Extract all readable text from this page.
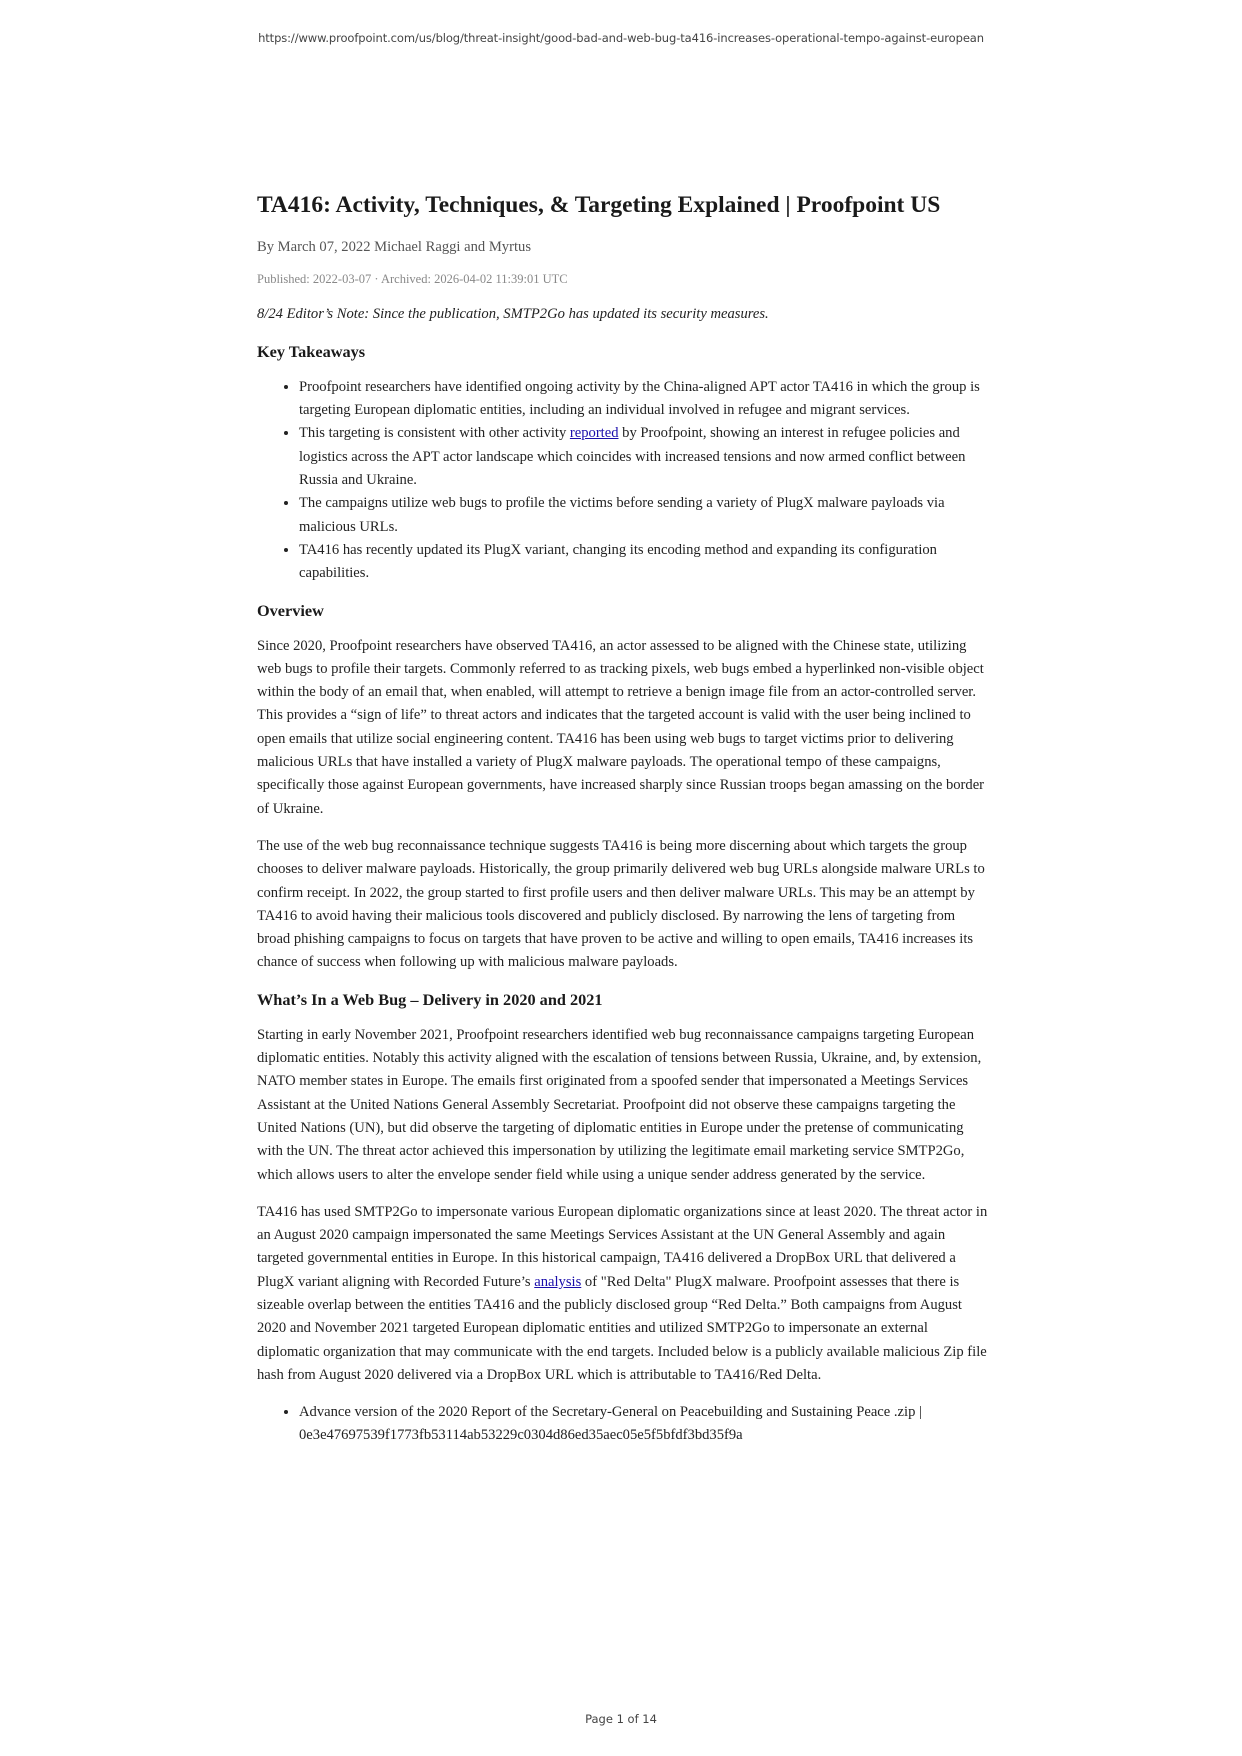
https://www.proofpoint.com/us/blog/threat-insight/good-bad-and-web-bug-ta416-increases-operational-tempo-against-european
TA416: Activity, Techniques, & Targeting Explained | Proofpoint US
By March 07, 2022 Michael Raggi and Myrtus
Published: 2022-03-07 · Archived: 2026-04-02 11:39:01 UTC

8/24 Editor’s Note: Since the publication, SMTP2Go has updated its security measures.

Key Takeaways
• Proofpoint researchers have identified ongoing activity by the China-aligned APT actor TA416 in which the group is targeting European diplomatic entities, including an individual involved in refugee and migrant services.
• This targeting is consistent with other activity reported by Proofpoint, showing an interest in refugee policies and logistics across the APT actor landscape which coincides with increased tensions and now armed conflict between Russia and Ukraine.
• The campaigns utilize web bugs to profile the victims before sending a variety of PlugX malware payloads via malicious URLs.
• TA416 has recently updated its PlugX variant, changing its encoding method and expanding its configuration capabilities.
Overview

Since 2020, Proofpoint researchers have observed TA416, an actor assessed to be aligned with the Chinese state, utilizing web bugs to profile their targets. Commonly referred to as tracking pixels, web bugs embed a hyperlinked non-visible object within the body of an email that, when enabled, will attempt to retrieve a benign image file from an actor-controlled server. This provides a “sign of life” to threat actors and indicates that the targeted account is valid with the user being inclined to open emails that utilize social engineering content. TA416 has been using web bugs to target victims prior to delivering malicious URLs that have installed a variety of PlugX malware payloads. The operational tempo of these campaigns, specifically those against European governments, have increased sharply since Russian troops began amassing on the border of Ukraine.

The use of the web bug reconnaissance technique suggests TA416 is being more discerning about which targets the group chooses to deliver malware payloads. Historically, the group primarily delivered web bug URLs alongside malware URLs to confirm receipt. In 2022, the group started to first profile users and then deliver malware URLs. This may be an attempt by TA416 to avoid having their malicious tools discovered and publicly disclosed. By narrowing the lens of targeting from broad phishing campaigns to focus on targets that have proven to be active and willing to open emails, TA416 increases its chance of success when following up with malicious malware payloads.

What’s In a Web Bug – Delivery in 2020 and 2021

Starting in early November 2021, Proofpoint researchers identified web bug reconnaissance campaigns targeting European diplomatic entities. Notably this activity aligned with the escalation of tensions between Russia, Ukraine, and, by extension, NATO member states in Europe. The emails first originated from a spoofed sender that impersonated a Meetings Services Assistant at the United Nations General Assembly Secretariat. Proofpoint did not observe these campaigns targeting the United Nations (UN), but did observe the targeting of diplomatic entities in Europe under the pretense of communicating with the UN. The threat actor achieved this impersonation by utilizing the legitimate email marketing service SMTP2Go, which allows users to alter the envelope sender field while using a unique sender address generated by the service.

TA416 has used SMTP2Go to impersonate various European diplomatic organizations since at least 2020. The threat actor in an August 2020 campaign impersonated the same Meetings Services Assistant at the UN General Assembly and again targeted governmental entities in Europe. In this historical campaign, TA416 delivered a DropBox URL that delivered a PlugX variant aligning with Recorded Future’s analysis of "Red Delta" PlugX malware. Proofpoint assesses that there is sizeable overlap between the entities TA416 and the publicly disclosed group “Red Delta.” Both campaigns from August 2020 and November 2021 targeted European diplomatic entities and utilized SMTP2Go to impersonate an external diplomatic organization that may communicate with the end targets. Included below is a publicly available malicious Zip file hash from August 2020 delivered via a DropBox URL which is attributable to TA416/Red Delta.

• Advance version of the 2020 Report of the Secretary-General on Peacebuilding and Sustaining Peace .zip | 0e3e47697539f1773fb53114ab53229c0304d86ed35aec05e5f5bfdf3bd35f9a
Page 1 of 14
